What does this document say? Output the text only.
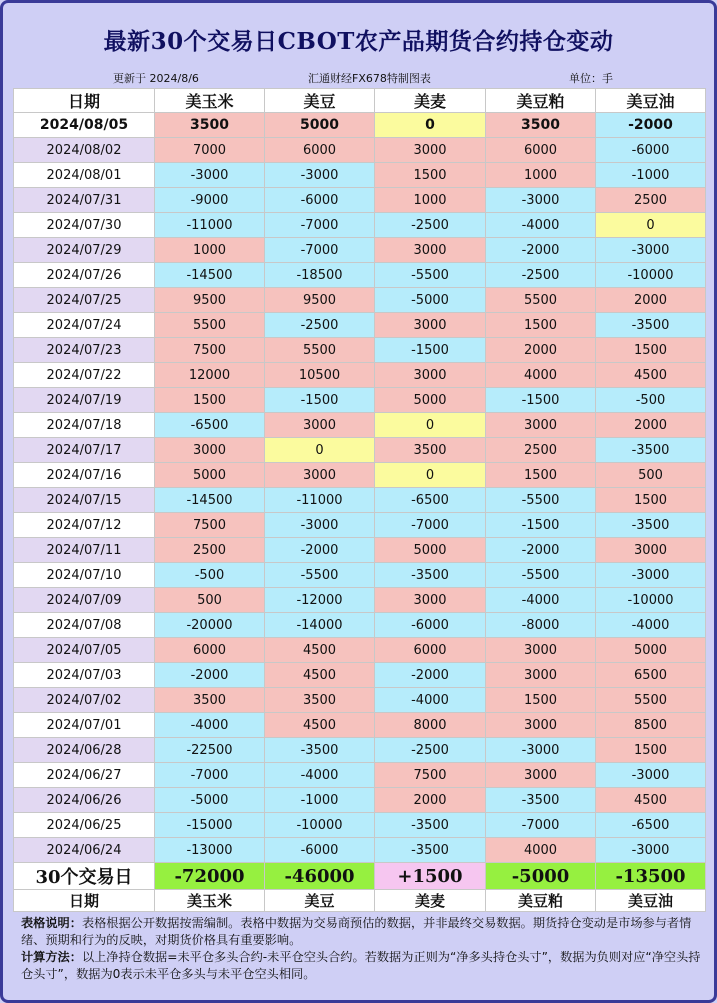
最新30个交易日CBOT农产品期货合约持仓变动
更新于 2024/8/6	汇通财经FX678特制图表	单位：手
日期	美玉米	美豆	美麦	美豆粕	美豆油
2024/08/05	3500	5000	0	3500	-2000
2024/08/02	7000	6000	3000	6000	-6000
2024/08/01	-3000	-3000	1500	1000	-1000
2024/07/31	-9000	-6000	1000	-3000	2500
2024/07/30	-11000	-7000	-2500	-4000	0
2024/07/29	1000	-7000	3000	-2000	-3000
2024/07/26	-14500	-18500	-5500	-2500	-10000
2024/07/25	9500	9500	-5000	5500	2000
2024/07/24	5500	-2500	3000	1500	-3500
2024/07/23	7500	5500	-1500	2000	1500
2024/07/22	12000	10500	3000	4000	4500
2024/07/19	1500	-1500	5000	-1500	-500
2024/07/18	-6500	3000	0	3000	2000
2024/07/17	3000	0	3500	2500	-3500
2024/07/16	5000	3000	0	1500	500
2024/07/15	-14500	-11000	-6500	-5500	1500
2024/07/12	7500	-3000	-7000	-1500	-3500
2024/07/11	2500	-2000	5000	-2000	3000
2024/07/10	-500	-5500	-3500	-5500	-3000
2024/07/09	500	-12000	3000	-4000	-10000
2024/07/08	-20000	-14000	-6000	-8000	-4000
2024/07/05	6000	4500	6000	3000	5000
2024/07/03	-2000	4500	-2000	3000	6500
2024/07/02	3500	3500	-4000	1500	5500
2024/07/01	-4000	4500	8000	3000	8500
2024/06/28	-22500	-3500	-2500	-3000	1500
2024/06/27	-7000	-4000	7500	3000	-3000
2024/06/26	-5000	-1000	2000	-3500	4500
2024/06/25	-15000	-10000	-3500	-7000	-6500
2024/06/24	-13000	-6000	-3500	4000	-3000
30个交易日	-72000	-46000	+1500	-5000	-13500
日期	美玉米	美豆	美麦	美豆粕	美豆油
表格说明：表格根据公开数据按需编制。表格中数据为交易商预估的数据，并非最终交易数据。期货持仓变动是市场参与者情绪、预期和行为的反映，对期货价格具有重要影响。
计算方法：以上净持仓数据=未平仓多头合约-未平仓空头合约。若数据为正则为“净多头持仓头寸”，数据为负则对应“净空头持仓头寸”，数据为0表示未平仓多头与未平仓空头相同。
